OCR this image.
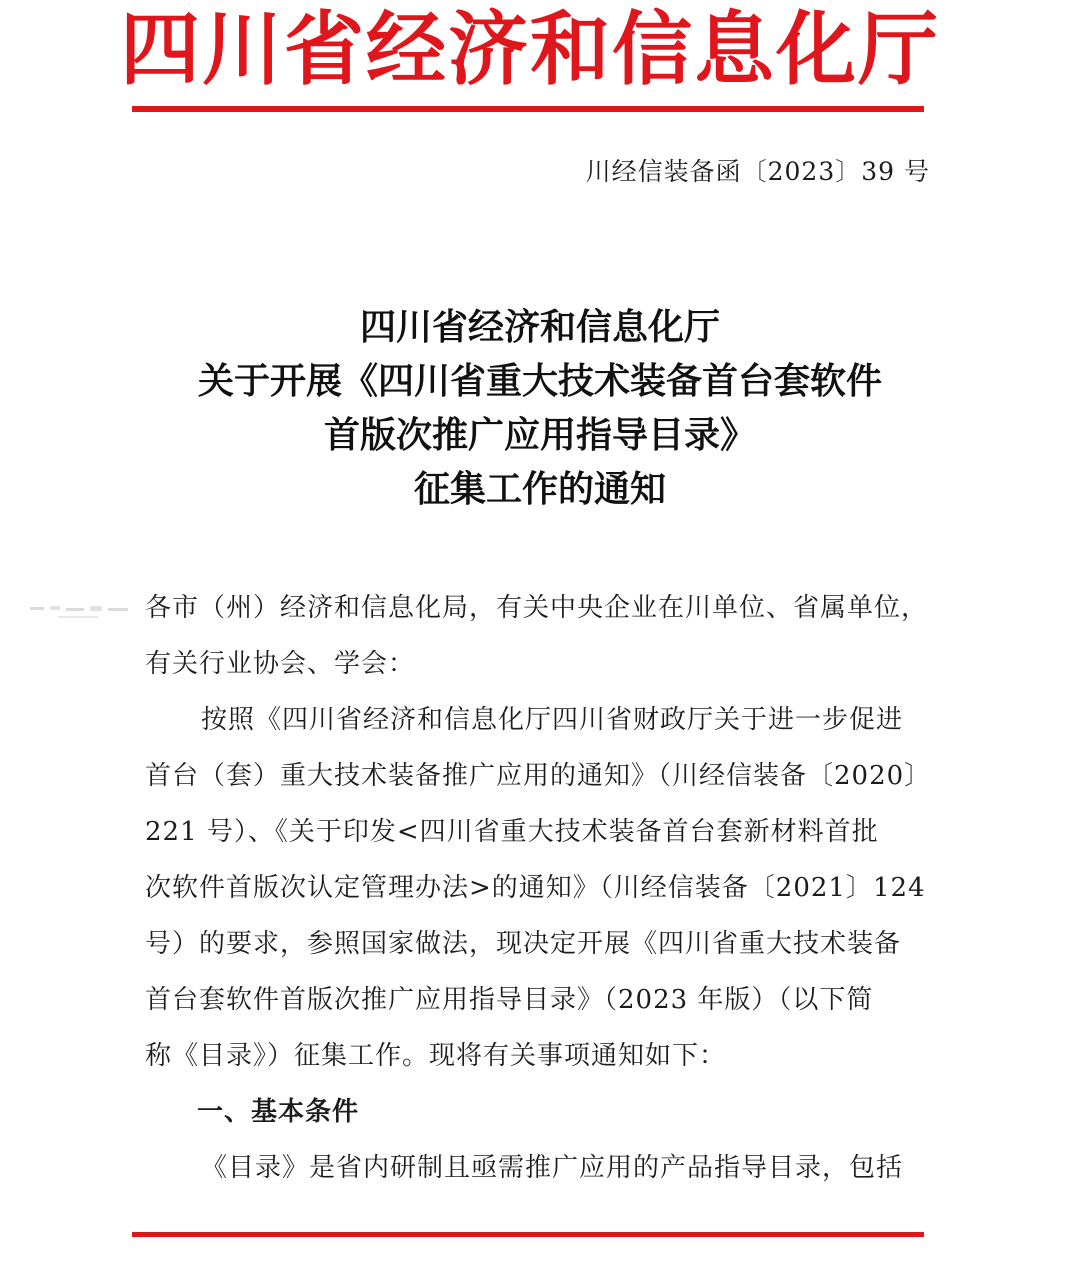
四川省经济和信息化厅
川经信装备函〔2023〕39 号
四川省经济和信息化厅
关于开展《四川省重大技术装备首台套软件
首版次推广应用指导目录》
征集工作的通知
各市（州）经济和信息化局，有关中央企业在川单位、省属单位，
有关行业协会、学会：
按照《四川省经济和信息化厅四川省财政厅关于进一步促进
首台（套）重大技术装备推广应用的通知》（川经信装备〔2020〕
221 号）、《关于印发<四川省重大技术装备首台套新材料首批
次软件首版次认定管理办法>的通知》（川经信装备〔2021〕124
号）的要求，参照国家做法，现决定开展《四川省重大技术装备
首台套软件首版次推广应用指导目录》（2023 年版）（以下简
称《目录》）征集工作。现将有关事项通知如下：
一、基本条件
《目录》是省内研制且亟需推广应用的产品指导目录，包括
